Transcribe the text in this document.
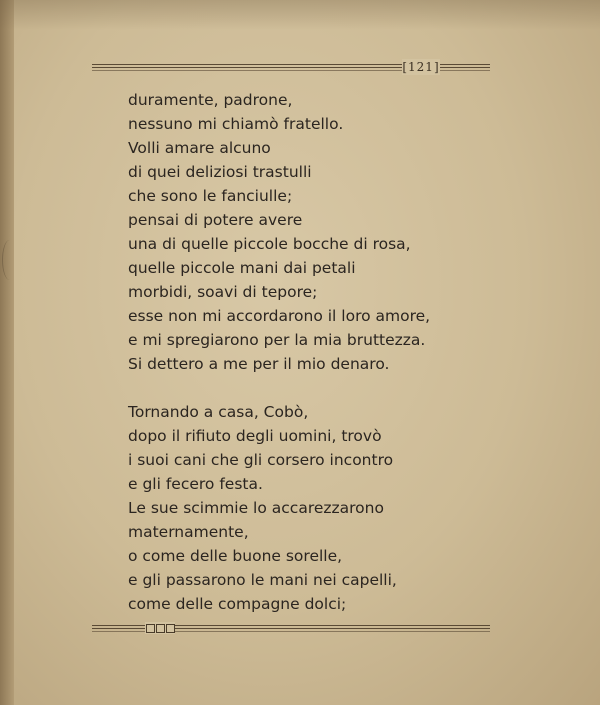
[121]
duramente, padrone,
nessuno mi chiamò fratello.
Volli amare alcuno
di quei deliziosi trastulli
che sono le fanciulle;
pensai di potere avere
una di quelle piccole bocche di rosa,
quelle piccole mani dai petali
morbidi, soavi di tepore;
esse non mi accordarono il loro amore,
e mi spregiarono per la mia bruttezza.
Si dettero a me per il mio denaro.
Tornando a casa, Cobò,
dopo il rifiuto degli uomini, trovò
i suoi cani che gli corsero incontro
e gli fecero festa.
Le sue scimmie lo accarezzarono
maternamente,
o come delle buone sorelle,
e gli passarono le mani nei capelli,
come delle compagne dolci;
